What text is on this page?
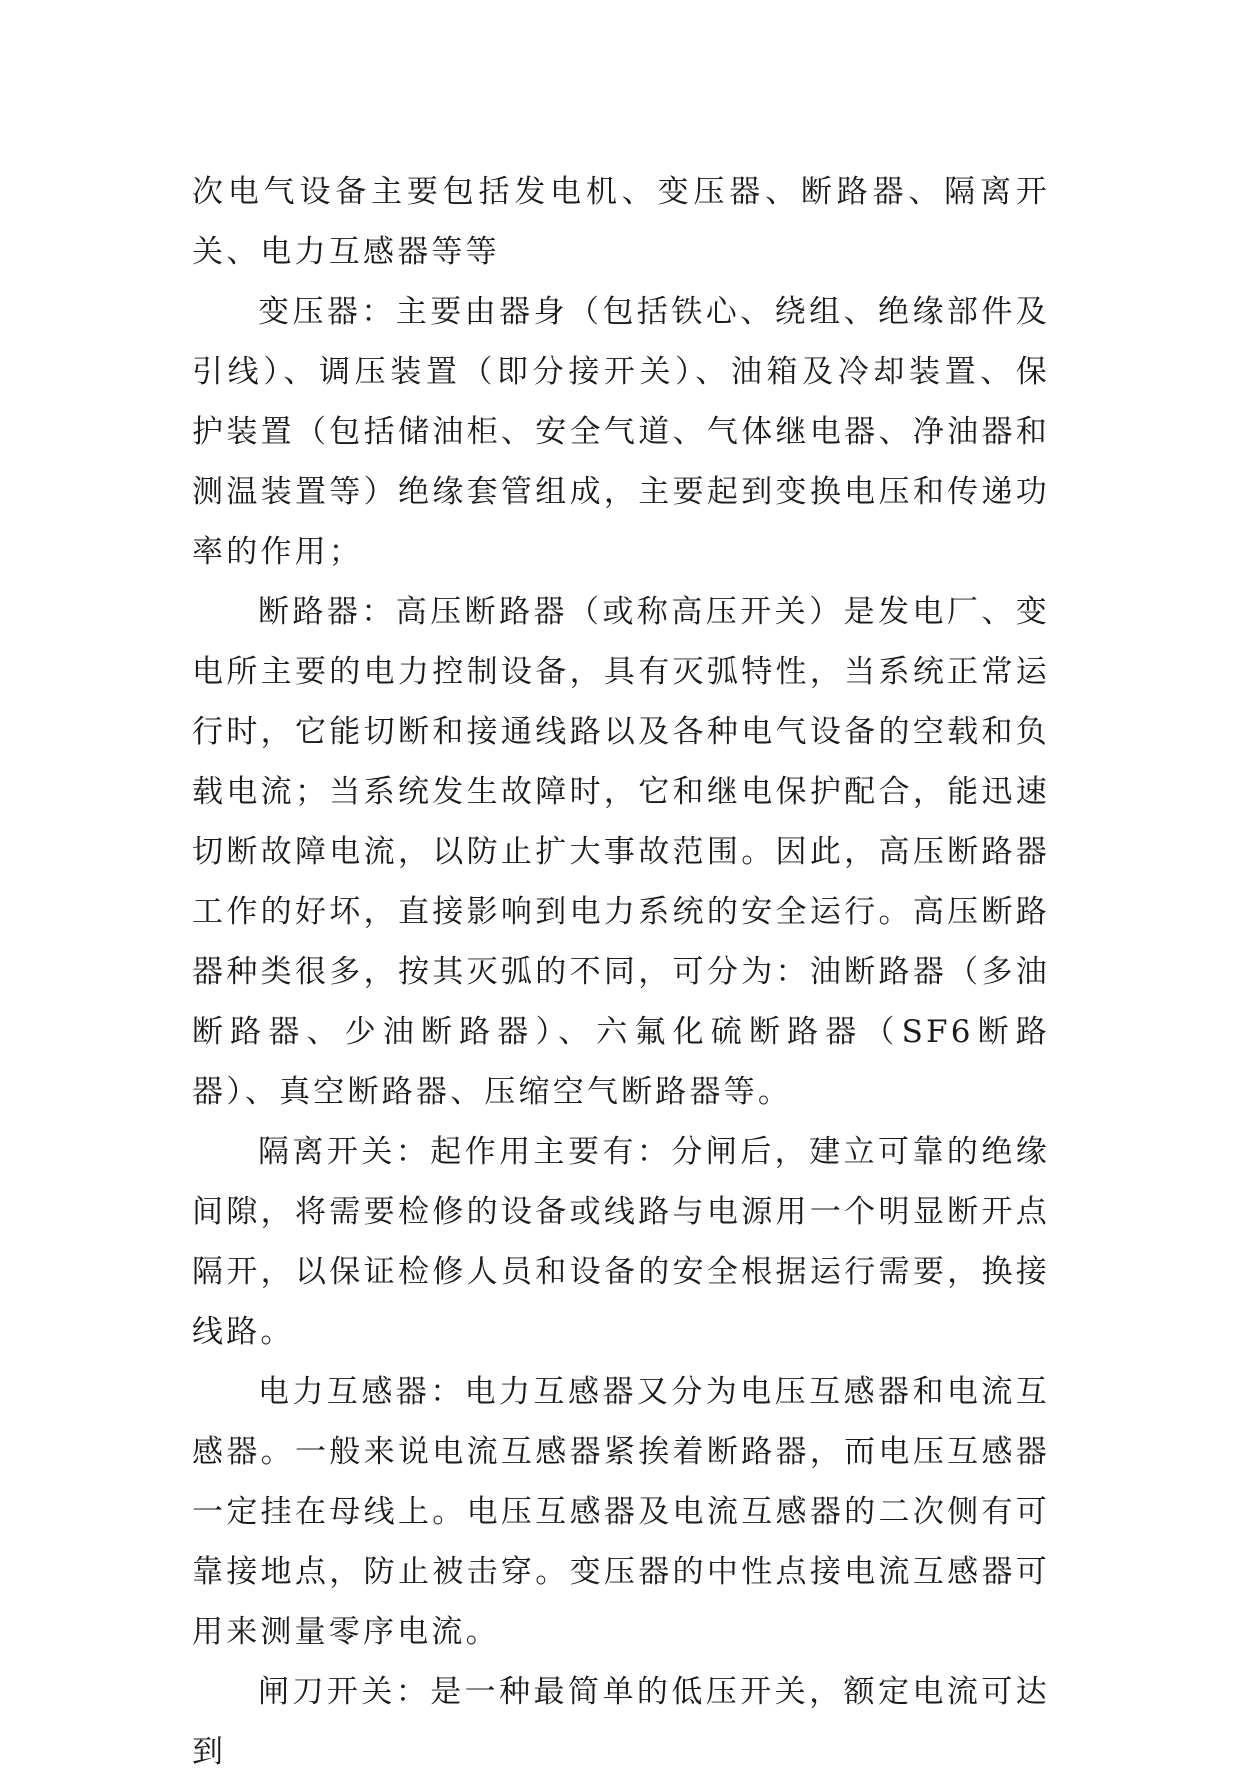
次电气设备主要包括发电机、变压器、断路器、隔离开关、电力互感器等等

变压器：主要由器身（包括铁心、绕组、绝缘部件及引线）、调压装置（即分接开关）、油箱及冷却装置、保护装置（包括储油柜、安全气道、气体继电器、净油器和测温装置等）绝缘套管组成，主要起到变换电压和传递功率的作用；

断路器：高压断路器（或称高压开关）是发电厂、变电所主要的电力控制设备，具有灭弧特性，当系统正常运行时，它能切断和接通线路以及各种电气设备的空载和负载电流；当系统发生故障时，它和继电保护配合，能迅速切断故障电流，以防止扩大事故范围。因此，高压断路器工作的好坏，直接影响到电力系统的安全运行。高压断路器种类很多，按其灭弧的不同，可分为：油断路器（多油断路器、少油断路器）、六氟化硫断路器（SF6断路器）、真空断路器、压缩空气断路器等。

隔离开关：起作用主要有：分闸后，建立可靠的绝缘间隙，将需要检修的设备或线路与电源用一个明显断开点隔开，以保证检修人员和设备的安全根据运行需要，换接线路。

电力互感器：电力互感器又分为电压互感器和电流互感器。一般来说电流互感器紧挨着断路器，而电压互感器一定挂在母线上。电压互感器及电流互感器的二次侧有可靠接地点，防止被击穿。变压器的中性点接电流互感器可用来测量零序电流。

闸刀开关：是一种最简单的低压开关，额定电流可达到
